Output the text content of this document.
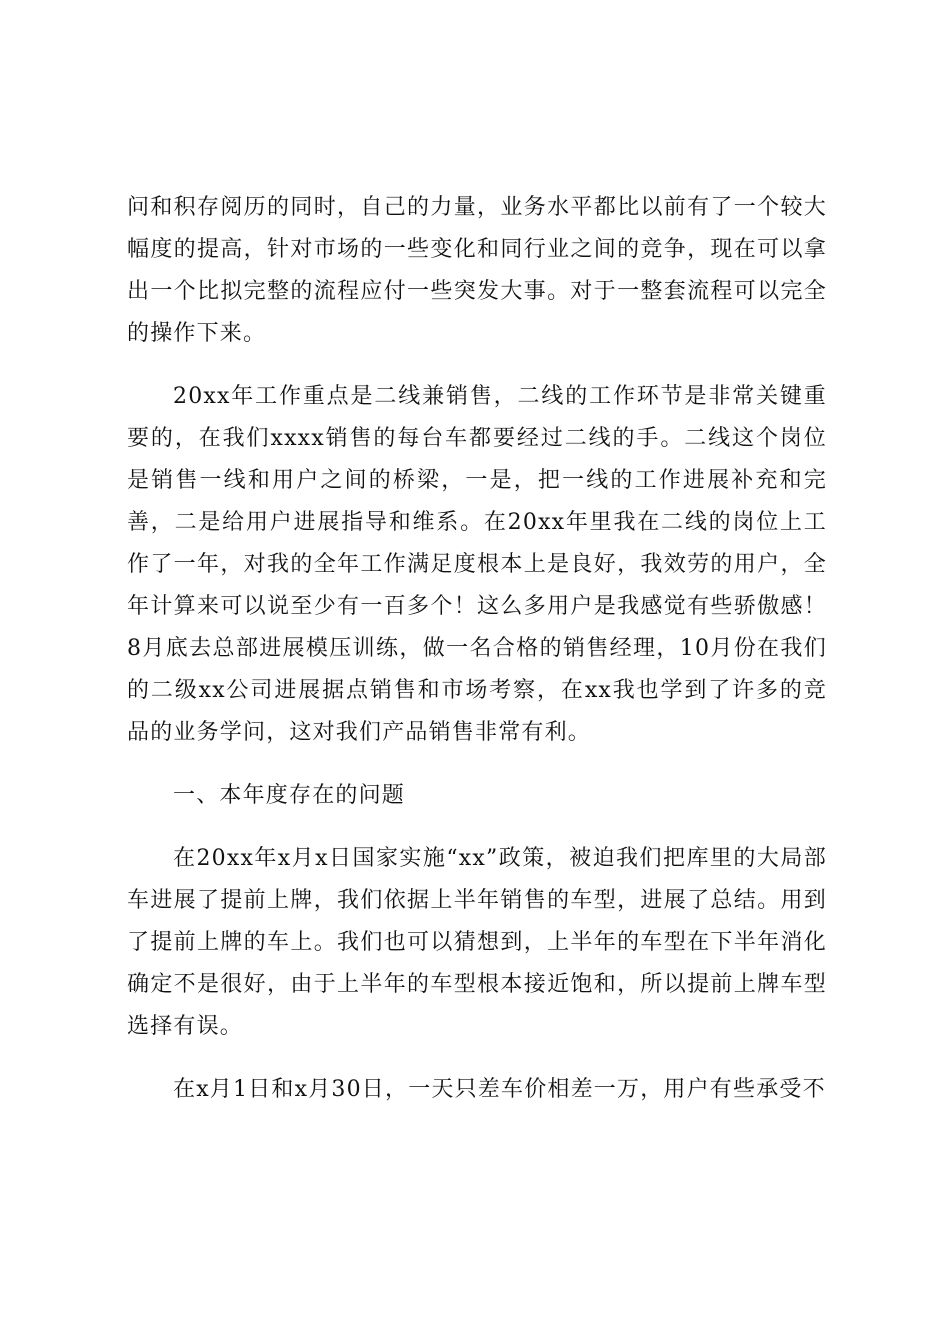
问和积存阅历的同时，自己的力量，业务水平都比以前有了一个较大幅度的提高，针对市场的一些变化和同行业之间的竞争，现在可以拿出一个比拟完整的流程应付一些突发大事。对于一整套流程可以完全的操作下来。

20xx年工作重点是二线兼销售，二线的工作环节是非常关键重要的，在我们xxxx销售的每台车都要经过二线的手。二线这个岗位是销售一线和用户之间的桥梁，一是，把一线的工作进展补充和完善，二是给用户进展指导和维系。在20xx年里我在二线的岗位上工作了一年，对我的全年工作满足度根本上是良好，我效劳的用户，全年计算来可以说至少有一百多个！这么多用户是我感觉有些骄傲感！8月底去总部进展模压训练，做一名合格的销售经理，10月份在我们的二级xx公司进展据点销售和市场考察，在xx我也学到了许多的竞品的业务学问，这对我们产品销售非常有利。

一、本年度存在的问题

在20xx年x月x日国家实施“xx”政策，被迫我们把库里的大局部车进展了提前上牌，我们依据上半年销售的车型，进展了总结。用到了提前上牌的车上。我们也可以猜想到，上半年的车型在下半年消化确定不是很好，由于上半年的车型根本接近饱和，所以提前上牌车型选择有误。

在x月1日和x月30日，一天只差车价相差一万，用户有些承受不
